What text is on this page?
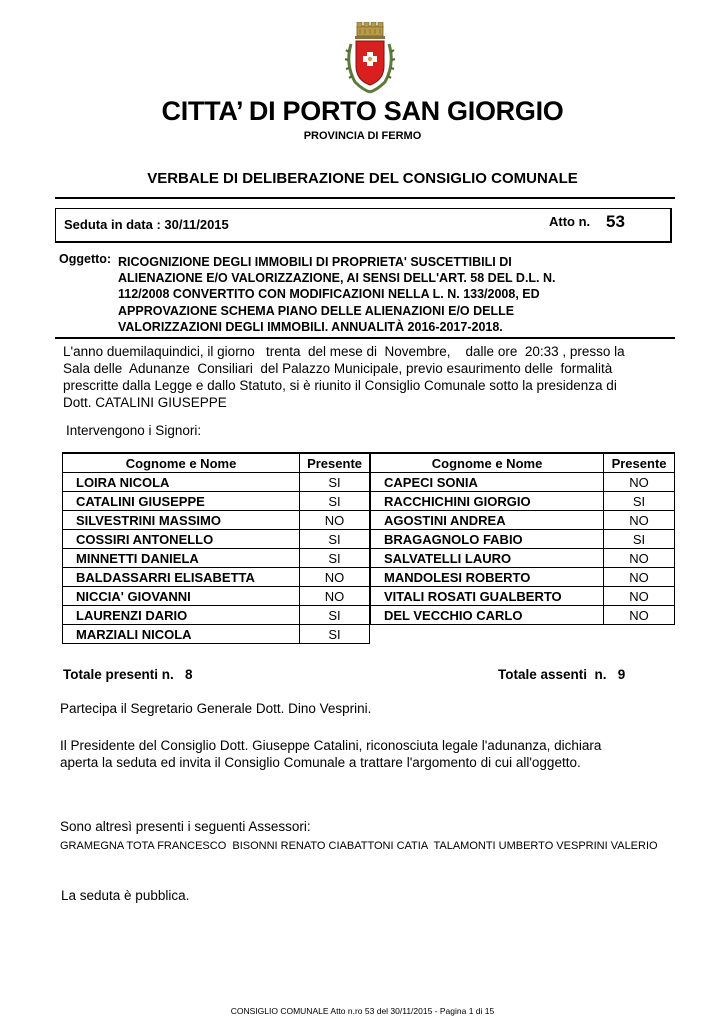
CITTA’ DI PORTO SAN GIORGIO
PROVINCIA DI FERMO
VERBALE DI DELIBERAZIONE DEL CONSIGLIO COMUNALE
Seduta in data : 30/11/2015	Atto n. 53
Oggetto: RICOGNIZIONE DEGLI IMMOBILI DI PROPRIETA' SUSCETTIBILI DI
ALIENAZIONE E/O VALORIZZAZIONE, AI SENSI DELL'ART. 58 DEL D.L. N.
112/2008 CONVERTITO CON MODIFICAZIONI NELLA L. N. 133/2008, ED
APPROVAZIONE SCHEMA PIANO DELLE ALIENAZIONI E/O DELLE
VALORIZZAZIONI DEGLI IMMOBILI. ANNUALITÀ 2016-2017-2018.
L'anno duemilaquindici, il giorno   trenta  del mese di  Novembre,    dalle ore  20:33 , presso la
Sala delle  Adunanze  Consiliari  del Palazzo Municipale, previo esaurimento delle  formalità
prescritte dalla Legge e dallo Statuto, si è riunito il Consiglio Comunale sotto la presidenza di
Dott. CATALINI GIUSEPPE
Intervengono i Signori:
Cognome e Nome	Presente
LOIRA NICOLA	SI
CATALINI GIUSEPPE	SI
SILVESTRINI MASSIMO	NO
COSSIRI ANTONELLO	SI
MINNETTI DANIELA	SI
BALDASSARRI ELISABETTA	NO
NICCIA' GIOVANNI	NO
LAURENZI DARIO	SI
MARZIALI NICOLA	SI
Cognome e Nome	Presente
CAPECI SONIA	NO
RACCHICHINI GIORGIO	SI
AGOSTINI ANDREA	NO
BRAGAGNOLO FABIO	SI
SALVATELLI LAURO	NO
MANDOLESI ROBERTO	NO
VITALI ROSATI GUALBERTO	NO
DEL VECCHIO CARLO	NO
Totale presenti n.   8	Totale assenti  n.   9
Partecipa il Segretario Generale Dott. Dino Vesprini.
Il Presidente del Consiglio Dott. Giuseppe Catalini, riconosciuta legale l'adunanza, dichiara
aperta la seduta ed invita il Consiglio Comunale a trattare l'argomento di cui all'oggetto.
Sono altresì presenti i seguenti Assessori:
GRAMEGNA TOTA FRANCESCO  BISONNI RENATO CIABATTONI CATIA  TALAMONTI UMBERTO VESPRINI VALERIO
La seduta è pubblica.
CONSIGLIO COMUNALE Atto n.ro 53 del 30/11/2015 - Pagina 1 di 15
